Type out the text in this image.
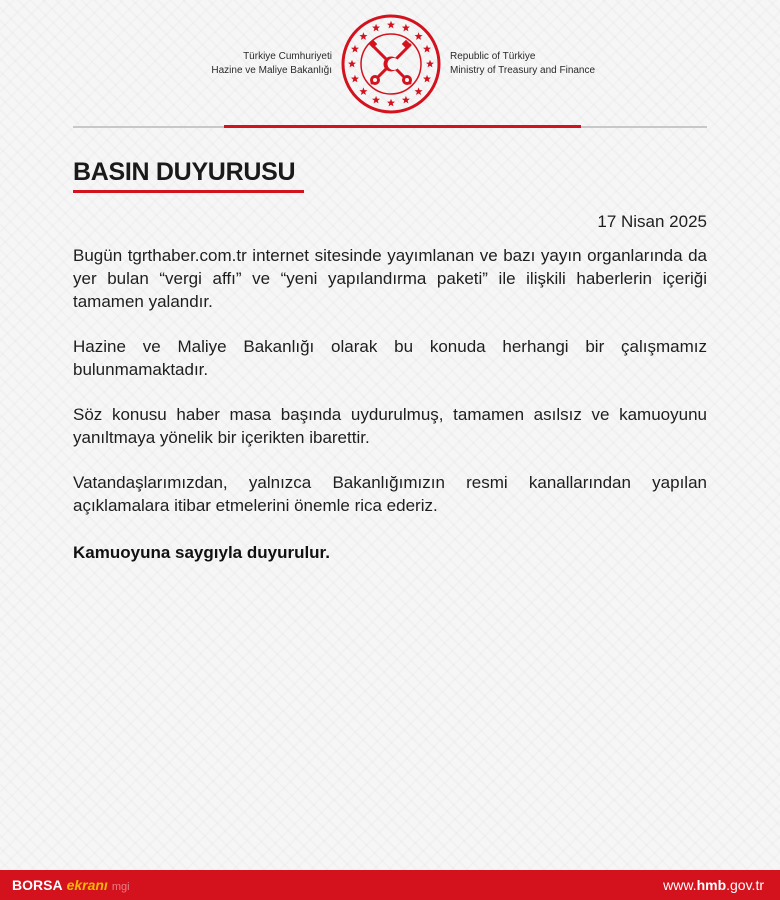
Türkiye Cumhuriyeti
Hazine ve Maliye Bakanlığı
Republic of Türkiye
Ministry of Treasury and Finance
BASIN DUYURUSU
17 Nisan 2025

Bugün tgrthaber.com.tr internet sitesinde yayımlanan ve bazı yayın organlarında da yer bulan “vergi affı” ve “yeni yapılandırma paketi” ile ilişkili haberlerin içeriği tamamen yalandır.

Hazine ve Maliye Bakanlığı olarak bu konuda herhangi bir çalışmamız bulunmamaktadır.

Söz konusu haber masa başında uydurulmuş, tamamen asılsız ve kamuoyunu yanıltmaya yönelik bir içerikten ibarettir.

Vatandaşlarımızdan, yalnızca Bakanlığımızın resmi kanallarından yapılan açıklamalara itibar etmelerini önemle rica ederiz.

Kamuoyuna saygıyla duyurulur.

BORSA ekranı mgi	www.hmb.gov.tr
